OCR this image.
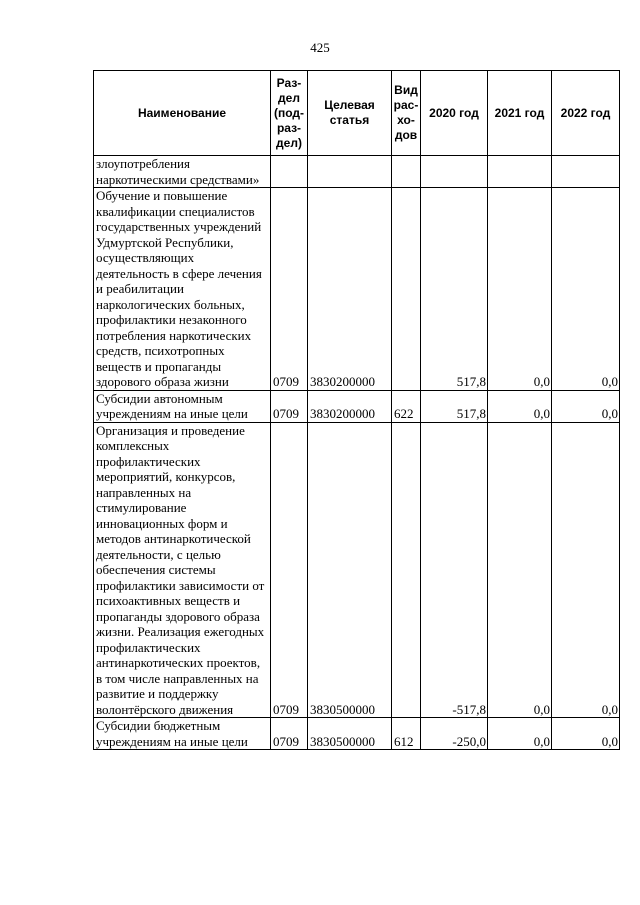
425
Наименование	Раз-
дел
(под-
раз-
дел)	Целевая
статья	Вид
рас-
хо-
дов	2020 год	2021 год	2022 год
злоупотребления наркотическими средствами»						
Обучение и повышение квалификации специалистов государственных учреждений Удмуртской Республики, осуществляющих деятельность в сфере лечения и реабилитации наркологических больных, профилактики незаконного потребления наркотических средств, психотропных веществ и пропаганды здорового образа жизни	0709	3830200000		517,8	0,0	0,0
Субсидии автономным учреждениям на иные цели	0709	3830200000	622	517,8	0,0	0,0
Организация и проведение комплексных профилактических мероприятий, конкурсов, направленных на стимулирование инновационных форм и методов антинаркотической деятельности, с целью обеспечения системы профилактики зависимости от психоактивных веществ и пропаганды здорового образа жизни. Реализация ежегодных профилактических антинаркотических проектов, в том числе направленных на развитие и поддержку волонтёрского движения	0709	3830500000		-517,8	0,0	0,0
Субсидии бюджетным учреждениям на иные цели	0709	3830500000	612	-250,0	0,0	0,0
